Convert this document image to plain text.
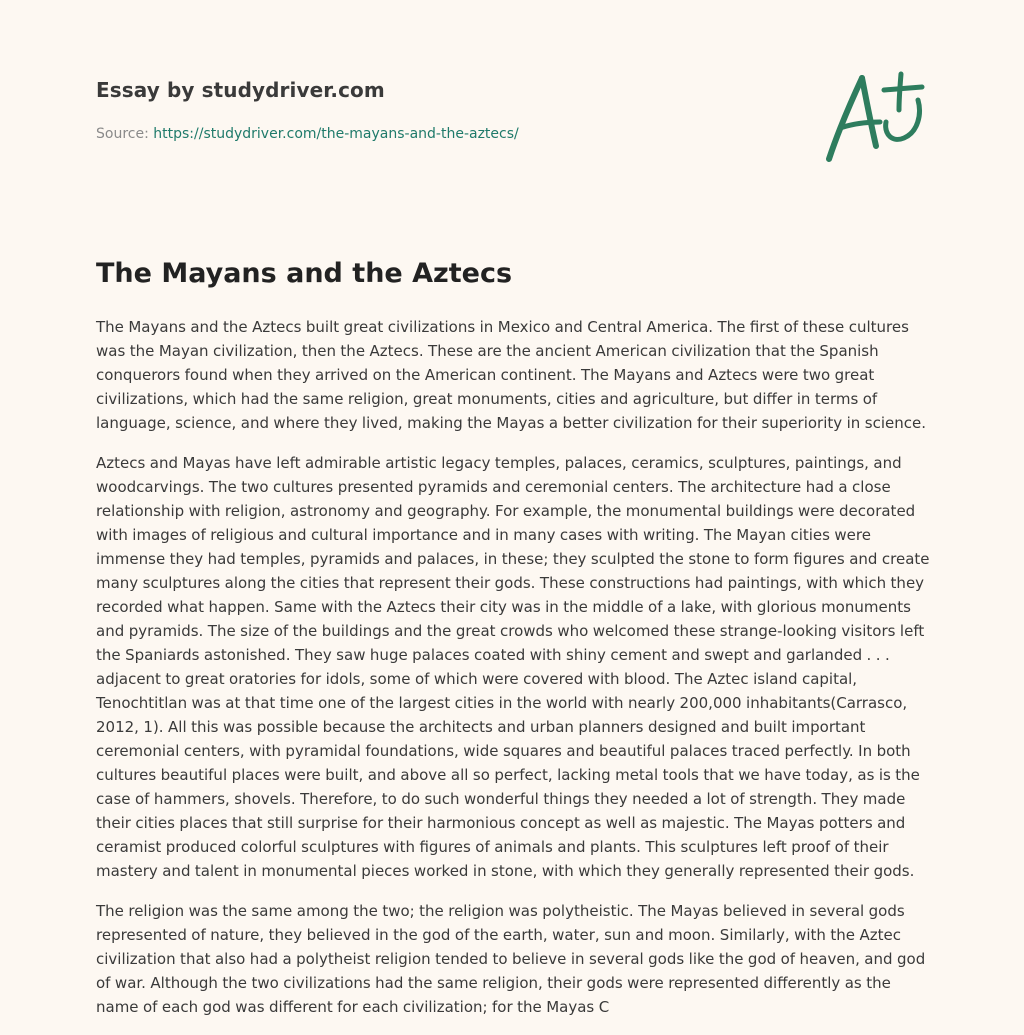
Essay by studydriver.com
Source: https://studydriver.com/the-mayans-and-the-aztecs/
The Mayans and the Aztecs

The Mayans and the Aztecs built great civilizations in Mexico and Central America. The first of these cultures was the Mayan civilization, then the Aztecs. These are the ancient American civilization that the Spanish conquerors found when they arrived on the American continent. The Mayans and Aztecs were two great civilizations, which had the same religion, great monuments, cities and agriculture, but differ in terms of language, science, and where they lived, making the Mayas a better civilization for their superiority in science.

Aztecs and Mayas have left admirable artistic legacy temples, palaces, ceramics, sculptures, paintings, and woodcarvings. The two cultures presented pyramids and ceremonial centers. The architecture had a close relationship with religion, astronomy and geography. For example, the monumental buildings were decorated with images of religious and cultural importance and in many cases with writing. The Mayan cities were immense they had temples, pyramids and palaces, in these; they sculpted the stone to form figures and create many sculptures along the cities that represent their gods. These constructions had paintings, with which they recorded what happen. Same with the Aztecs their city was in the middle of a lake, with glorious monuments and pyramids. The size of the buildings and the great crowds who welcomed these strange-looking visitors left the Spaniards astonished. They saw huge palaces coated with shiny cement and swept and garlanded . . . adjacent to great oratories for idols, some of which were covered with blood. The Aztec island capital, Tenochtitlan was at that time one of the largest cities in the world with nearly 200,000 inhabitants(Carrasco, 2012, 1). All this was possible because the architects and urban planners designed and built important ceremonial centers, with pyramidal foundations, wide squares and beautiful palaces traced perfectly. In both cultures beautiful places were built, and above all so perfect, lacking metal tools that we have today, as is the case of hammers, shovels. Therefore, to do such wonderful things they needed a lot of strength. They made their cities places that still surprise for their harmonious concept as well as majestic. The Mayas potters and ceramist produced colorful sculptures with figures of animals and plants. This sculptures left proof of their mastery and talent in monumental pieces worked in stone, with which they generally represented their gods.

The religion was the same among the two; the religion was polytheistic. The Mayas believed in several gods represented of nature, they believed in the god of the earth, water, sun and moon. Similarly, with the Aztec civilization that also had a polytheist religion tended to believe in several gods like the god of heaven, and god of war. Although the two civilizations had the same religion, their gods were represented differently as the name of each god was different for each civilization; for the Mayas C
